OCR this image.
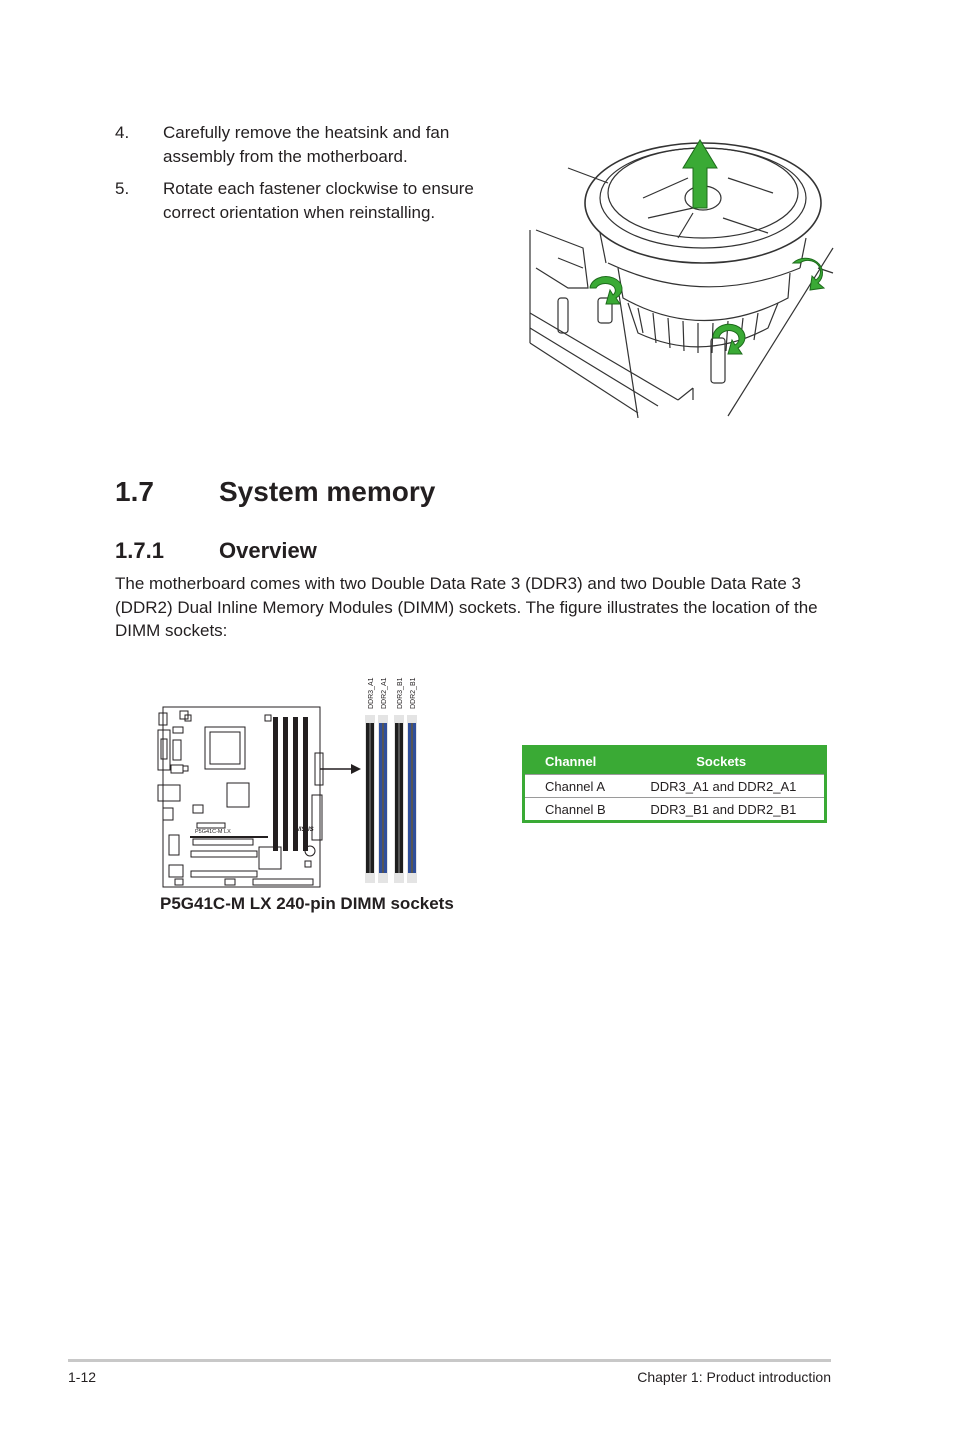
4. Carefully remove the heatsink and fan assembly from the motherboard.
5. Rotate each fastener clockwise to ensure correct orientation when reinstalling.
1.7 System memory
1.7.1	Overview
The motherboard comes with two Double Data Rate 3 (DDR3) and two Double Data Rate 3 (DDR2) Dual Inline Memory Modules (DIMM) sockets. The figure illustrates the location of the DIMM sockets:
/ISUS
P5G41C-M LX
DDR3_A1 DDR2_A1 DDR3_B1 DDR2_B1
P5G41C-M LX 240-pin DIMM sockets
Channel	Sockets
Channel A	DDR3_A1 and DDR2_A1
Channel B	DDR3_B1 and DDR2_B1
1-12	Chapter 1: Product introduction
